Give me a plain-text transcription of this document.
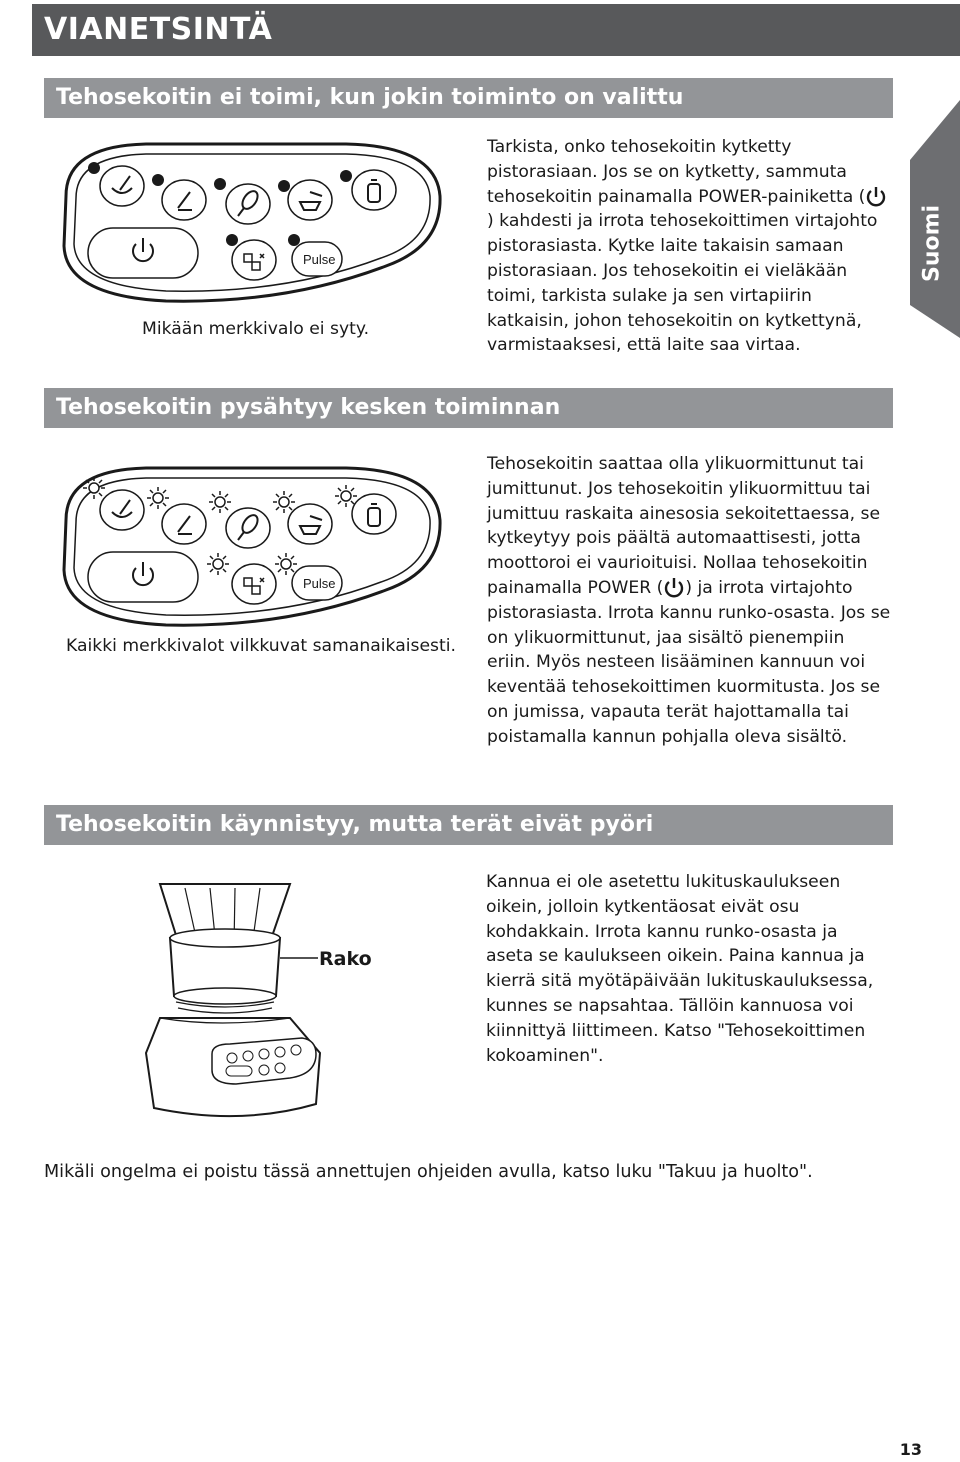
VIANETSINTÄ
Suomi
Tehosekoitin ei toimi, kun jokin toiminto on valittu
Pulse
Mikään merkkivalo ei syty.

Tarkista, onko tehosekoitin kytketty pistorasiaan. Jos se on kytketty, sammuta tehosekoitin painamalla POWER-painiketta () kahdesti ja irrota tehosekoittimen virtajohto pistorasiasta. Kytke laite takaisin samaan pistorasiaan. Jos tehosekoitin ei vieläkään toimi, tarkista sulake ja sen virtapiirin katkaisin, johon tehosekoitin on kytkettynä, varmistaaksesi, että laite saa virtaa.

Tehosekoitin pysähtyy kesken toiminnan
Pulse
Kaikki merkkivalot vilkkuvat samanaikaisesti.

Tehosekoitin saattaa olla ylikuormittunut tai jumittunut. Jos tehosekoitin ylikuormittuu tai jumittuu raskaita ainesosia sekoitettaessa, se kytkeytyy pois päältä automaattisesti, jotta moottoroi ei vaurioituisi. Nollaa tehosekoitin painamalla POWER ( ) ja irrota virtajohto pistorasiasta. Irrota kannu runko-osasta. Jos se on ylikuormittunut, jaa sisältö pienempiin eriin. Myös nesteen lisääminen kannuun voi keventää tehosekoittimen kuormitusta. Jos se on jumissa, vapauta terät hajottamalla tai poistamalla kannun pohjalla oleva sisältö.

Tehosekoitin käynnistyy, mutta terät eivät pyöri
Rako

Kannua ei ole asetettu lukituskaulukseen oikein, jolloin kytkentäosat eivät osu kohdakkain. Irrota kannu runko-osasta ja aseta se kaulukseen oikein. Paina kannua ja kierrä sitä myötäpäivään lukituskauluksessa, kunnes se napsahtaa. Tällöin kannuosa voi kiinnittyä liittimeen. Katso "Tehosekoittimen kokoaminen".

Mikäli ongelma ei poistu tässä annettujen ohjeiden avulla, katso luku "Takuu ja huolto".
13
